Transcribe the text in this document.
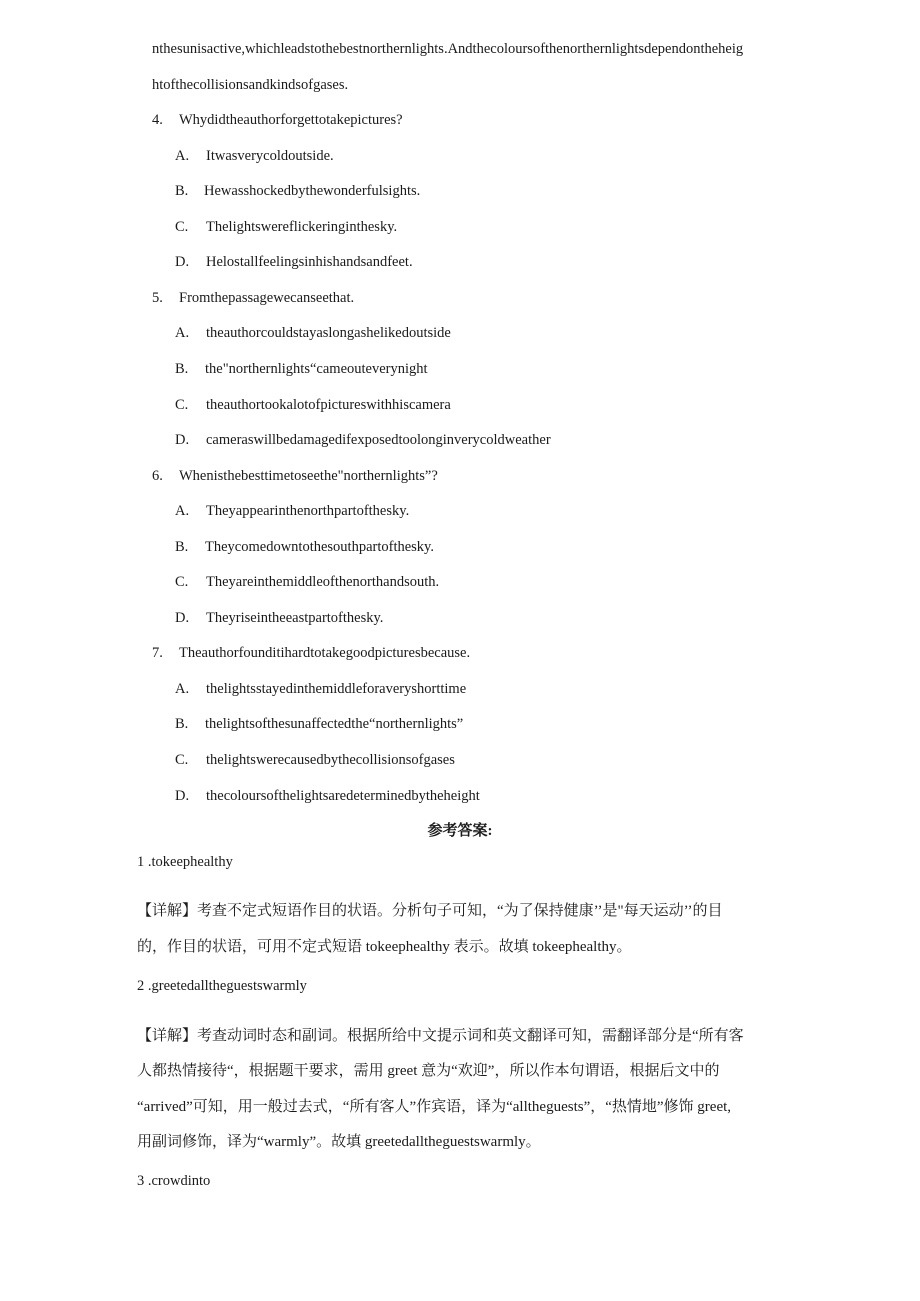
nthesunisactive,whichleadstothebestnorthernlights.Andthecoloursofthenorthernlightsdependontheheig
htofthecollisionsandkindsofgases.
4. Whydidtheauthorforgettotakepictures?
A. Itwasverycoldoutside.
B. Hewasshockedbythewonderfulsights.
C. Thelightswereflickeringinthesky.
D. Helostallfeelingsinhishandsandfeet.
5. Fromthepassagewecanseethat.
A. theauthorcouldstayaslongashelikedoutside
B. the"northernlights“cameouteverynight
C. theauthortookalotofpictureswithhiscamera
D. cameraswillbedamagedifexposedtoolonginverycoldweather
6. Whenisthebesttimetoseethe"northernlights”?
A. Theyappearinthenorthpartofthesky.
B. Theycomedowntothesouthpartofthesky.
C. Theyareinthemiddleofthenorthandsouth.
D. Theyriseintheeastpartofthesky.
7. Theauthorfounditihardtotakegoodpicturesbecause.
A. thelightsstayedinthemiddleforaveryshorttime
B. thelightsofthesunaffectedthe“northernlights”
C. thelightswerecausedbythecollisionsofgases
D. thecoloursofthelightsaredeterminedbytheheight
参考答案:
1 .tokeephealthy
【详解】考查不定式短语作目的状语。分析句子可知，“为了保持健康’’是"每天运动’’的目
的，作目的状语，可用不定式短语 tokeephealthy 表示。故填 tokeephealthy。
2 .greetedalltheguestswarmly
【详解】考查动词时态和副词。根据所给中文提示词和英文翻译可知，需翻译部分是“所有客
人都热情接待“，根据题干要求，需用 greet 意为“欢迎”，所以作本句谓语，根据后文中的
“arrived”可知，用一般过去式，“所有客人”作宾语，译为“alltheguests”，“热情地”修饰 greet,
用副词修饰，译为“warmly”。故填 greetedalltheguestswarmly。
3 .crowdinto
